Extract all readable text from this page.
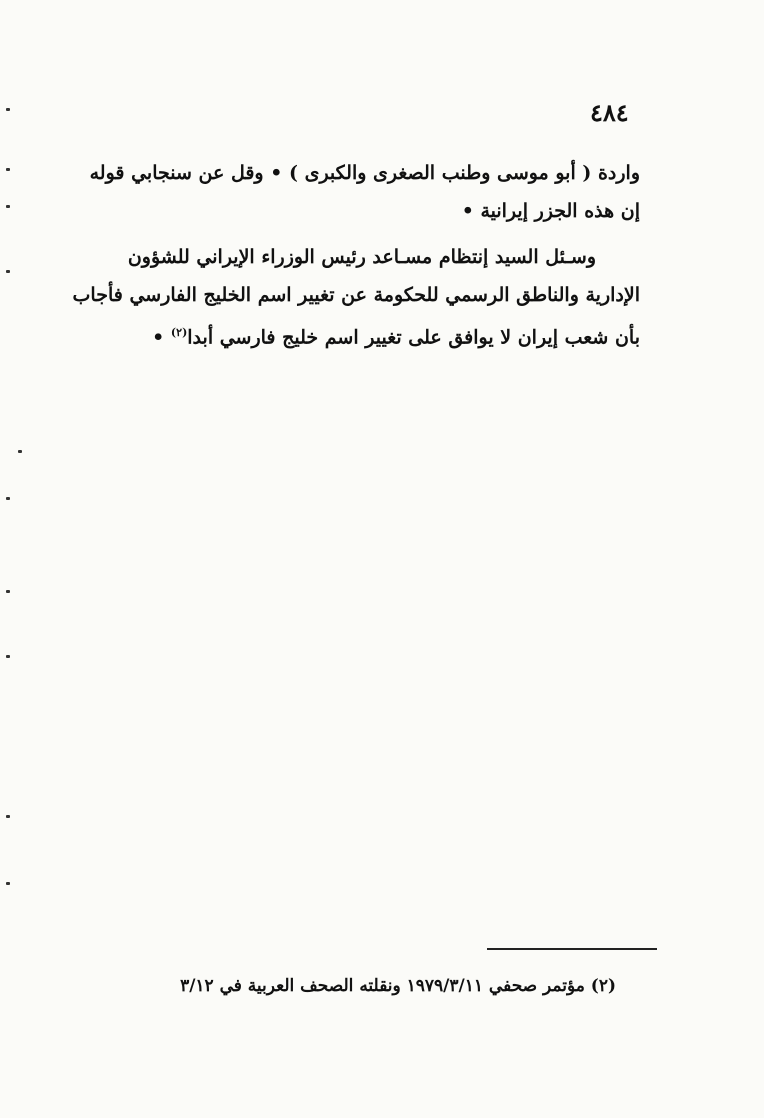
٤٨٤
واردة ( أبو موسى وطنب الصغرى والكبرى ) • وقل عن سنجابي قوله
إن هذه الجزر إيرانية •
وسـئل السيد إنتظام مسـاعد رئيس الوزراء الإيراني للشؤون
الإدارية والناطق الرسمي للحكومة عن تغيير اسم الخليج الفارسي فأجاب
بأن شعب إيران لا يوافق على تغيير اسم خليج فارسي أبدا$^{(٢)}$ •
(٢) مؤتمر صحفي ١٩٧٩/٣/١١ ونقلته الصحف العربية في ٣/١٢
